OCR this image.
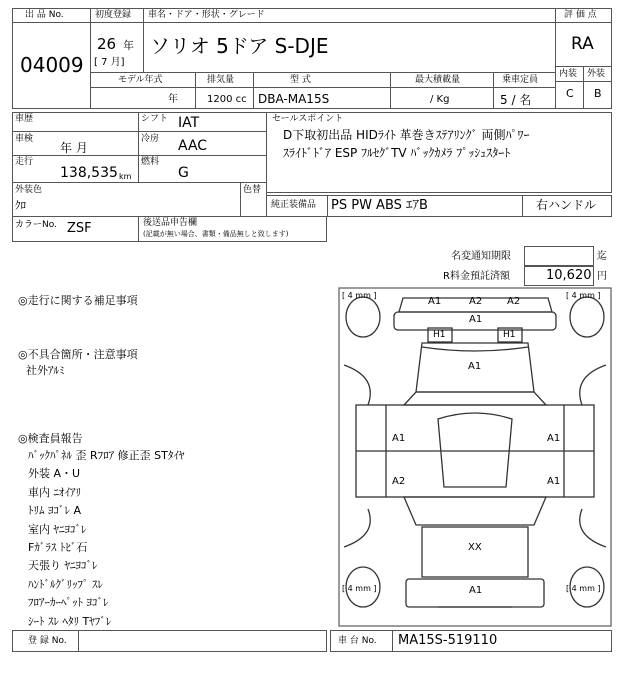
出 品 No.
04009
初度登録 車名・ドア・形状・グレード
26 年
[ 7 月]
ソリオ 5ドア S-DJE
評 価 点
RA
内装 外装
C B
モデル年式	排気量	型 式	最大積載量	乗車定員
年	1200 cc DBA-MA15S	/ Kg	5 / 名
車歴
車検
年 月
走行
138,535 km
シフト IAT
冷房 AAC
燃料
G
セールスポイント
D下取初出品 HIDﾗｲﾄ 革巻きｽﾃｱﾘﾝｸﾞ 両側ﾊﾟﾜｰ
ｽﾗｲﾄﾞﾄﾞｱ ESP ﾌﾙｾｸﾞTV ﾊﾞｯｸｶﾒﾗ ﾌﾟｯｼｭｽﾀｰﾄ
外装色
ｸﾛ
色替
純正装備品 PS PW ABS ｴｱB	右ハンドル
カラーNo. ZSF	後送品申告欄
(記載が無い場合、書類・備品無しと致します)
名変通知期限	迄
R料金預託済額	10,620 円
◎走行に関する補足事項
◎不具合箇所・注意事項
社外ｱﾙﾐ
◎検査員報告
ﾊﾞｯｸﾊﾟﾈﾙ 歪 Rﾌﾛｱ 修正歪 STﾀｲﾔ
外装 A・U
車内 ﾆｵｲｱﾘ
ﾄﾘﾑ ﾖｺﾞﾚ A
室内 ﾔﾆﾖｺﾞﾚ
Fｶﾞﾗｽ ﾄﾋﾞ石
天張り ﾔﾆﾖｺﾞﾚ
ﾊﾝﾄﾞﾙｸﾞﾘｯﾌﾟ ｽﾚ
ﾌﾛｱｰｶｰﾍﾟｯﾄ ﾖｺﾞﾚ
ｼｰﾄ ｽﾚ ﾍﾀﾘ Tﾔﾌﾞﾚ
[ 4 mm ]	[ 4 mm ]
[ 4 mm ]	[ 4 mm ]
A1	A2 A2
A1
H1	H1
A1
A1	A1
A2	A1
XX
A1
登 録 No.	車 台 No. MA15S-519110
